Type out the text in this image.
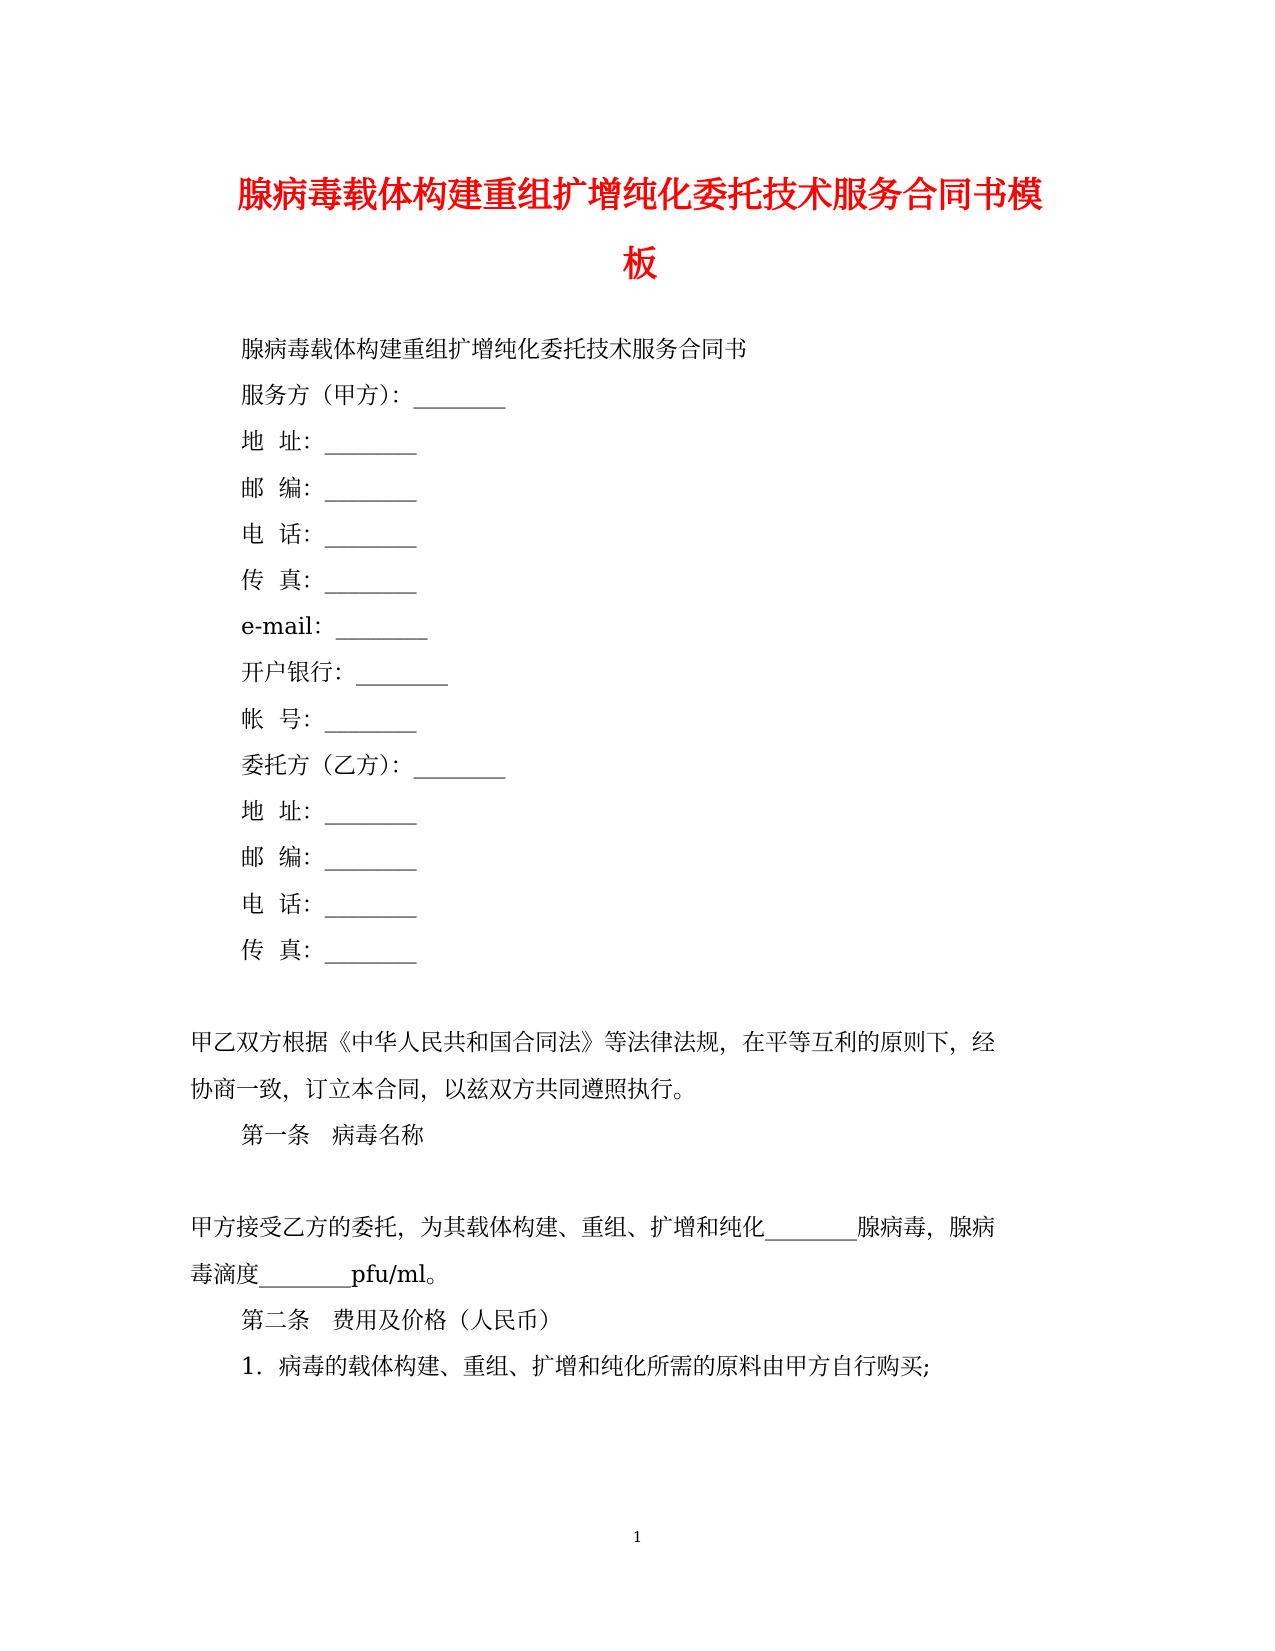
腺病毒载体构建重组扩增纯化委托技术服务合同书模
板
腺病毒载体构建重组扩增纯化委托技术服务合同书
服务方（甲方）：________
地  址：________
邮  编：________
电  话：________
传  真：________
e-mail：________
开户银行：________
帐  号：________
委托方（乙方）：________
地  址：________
邮  编：________
电  话：________
传  真：________
甲乙双方根据《中华人民共和国合同法》等法律法规，在平等互利的原则下，经
协商一致，订立本合同，以兹双方共同遵照执行。
第一条   病毒名称
甲方接受乙方的委托，为其载体构建、重组、扩增和纯化________腺病毒，腺病
毒滴度________pfu/ml。
第二条   费用及价格（人民币）
1．病毒的载体构建、重组、扩增和纯化所需的原料由甲方自行购买;
1
